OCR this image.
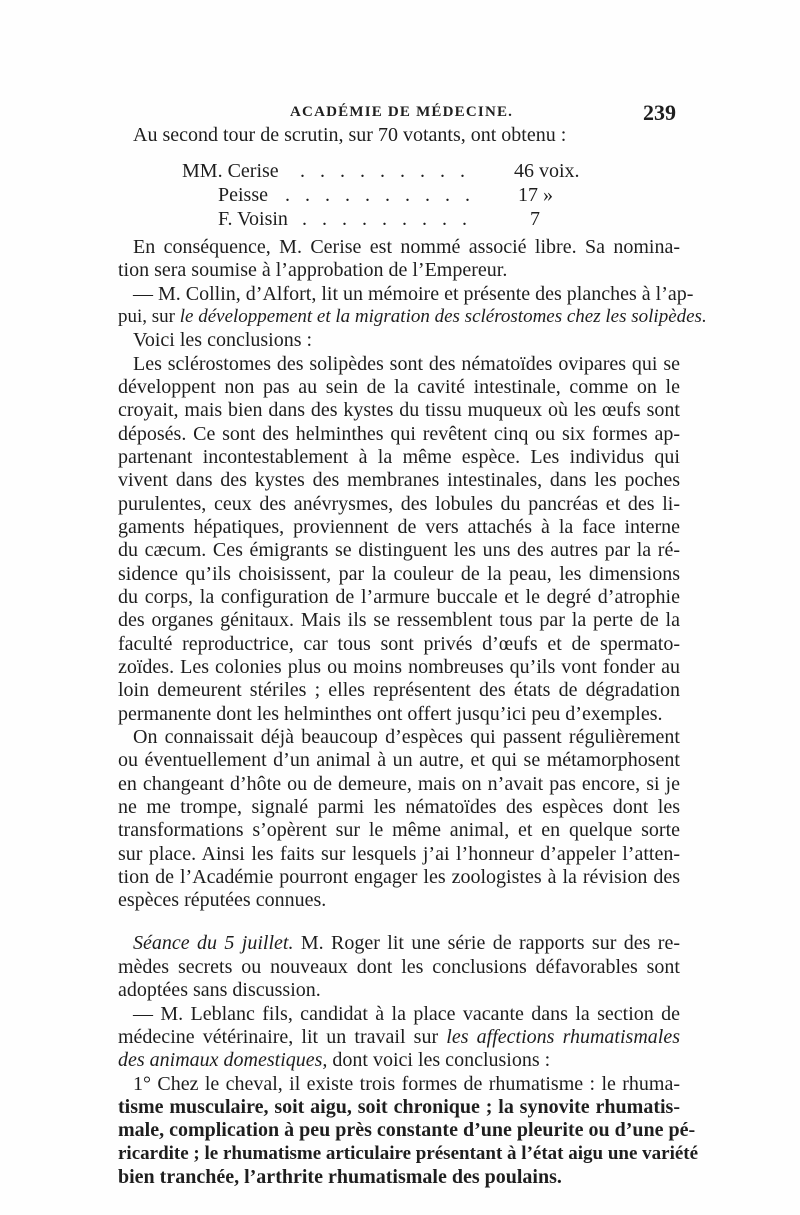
ACADÉMIE DE MÉDECINE.	239
Au second tour de scrutin, sur 70 votants, ont obtenu :
MM. Cerise . . . . . . . . . 46 voix.
Peisse . . . . . . . . . . 17 »
F. Voisin . . . . . . . . .	7
En conséquence, M. Cerise est nommé associé libre. Sa nomina-
tion sera soumise à l’approbation de l’Empereur.
— M. Collin, d’Alfort, lit un mémoire et présente des planches à l’ap-
pui, sur le développement et la migration des sclérostomes chez les solipèdes.
Voici les conclusions :
Les sclérostomes des solipèdes sont des nématoïdes ovipares qui se
développent non pas au sein de la cavité intestinale, comme on le
croyait, mais bien dans des kystes du tissu muqueux où les œufs sont
déposés. Ce sont des helminthes qui revêtent cinq ou six formes ap-
partenant incontestablement à la même espèce. Les individus qui
vivent dans des kystes des membranes intestinales, dans les poches
purulentes, ceux des anévrysmes, des lobules du pancréas et des li-
gaments hépatiques, proviennent de vers attachés à la face interne
du cæcum. Ces émigrants se distinguent les uns des autres par la ré-
sidence qu’ils choisissent, par la couleur de la peau, les dimensions
du corps, la configuration de l’armure buccale et le degré d’atrophie
des organes génitaux. Mais ils se ressemblent tous par la perte de la
faculté reproductrice, car tous sont privés d’œufs et de spermato-
zoïdes. Les colonies plus ou moins nombreuses qu’ils vont fonder au
loin demeurent stériles ; elles représentent des états de dégradation
permanente dont les helminthes ont offert jusqu’ici peu d’exemples.
On connaissait déjà beaucoup d’espèces qui passent régulièrement
ou éventuellement d’un animal à un autre, et qui se métamorphosent
en changeant d’hôte ou de demeure, mais on n’avait pas encore, si je
ne me trompe, signalé parmi les nématoïdes des espèces dont les
transformations s’opèrent sur le même animal, et en quelque sorte
sur place. Ainsi les faits sur lesquels j’ai l’honneur d’appeler l’atten-
tion de l’Académie pourront engager les zoologistes à la révision des
espèces réputées connues.
Séance du 5 juillet. M. Roger lit une série de rapports sur des re-
mèdes secrets ou nouveaux dont les conclusions défavorables sont
adoptées sans discussion.
— M. Leblanc fils, candidat à la place vacante dans la section de
médecine vétérinaire, lit un travail sur les affections rhumatismales
des animaux domestiques, dont voici les conclusions :
1° Chez le cheval, il existe trois formes de rhumatisme : le rhuma-
tisme musculaire, soit aigu, soit chronique ; la synovite rhumatis-
male, complication à peu près constante d’une pleurite ou d’une pé-
ricardite ; le rhumatisme articulaire présentant à l’état aigu une variété
bien tranchée, l’arthrite rhumatismale des poulains.
